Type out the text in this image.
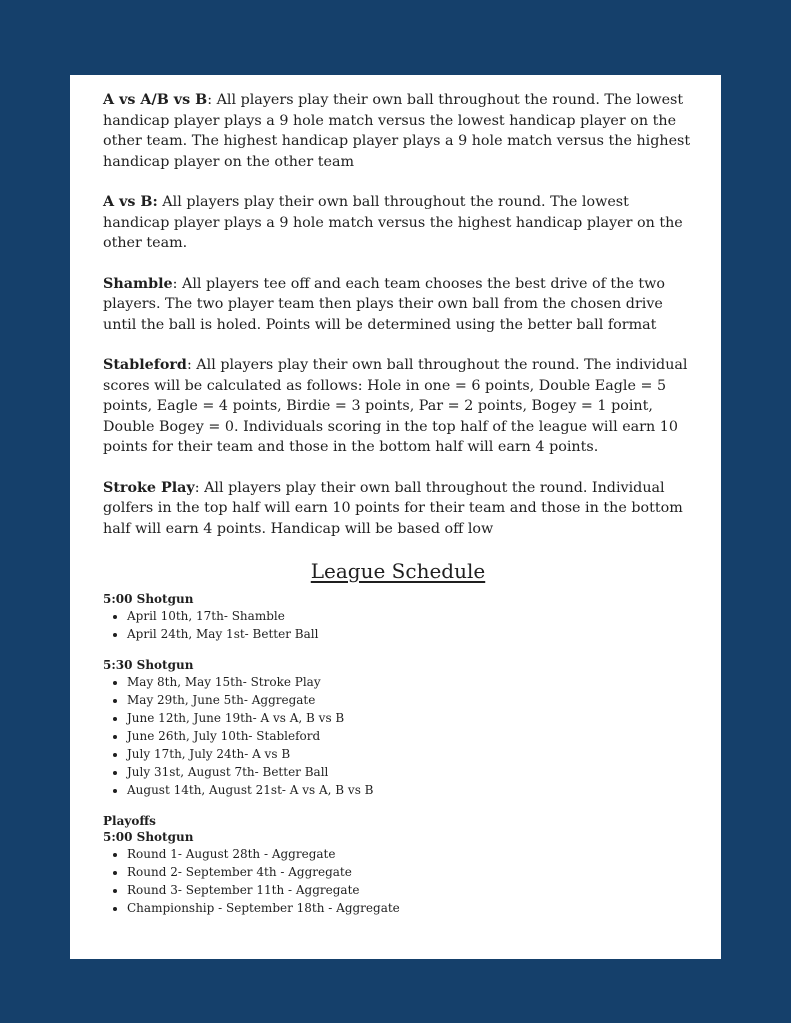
A vs A/B vs B: All players play their own ball throughout the round. The lowest handicap player plays a 9 hole match versus the lowest handicap player on the other team. The highest handicap player plays a 9 hole match versus the highest handicap player on the other team

A vs B: All players play their own ball throughout the round. The lowest handicap player plays a 9 hole match versus the highest handicap player on the other team.

Shamble: All players tee off and each team chooses the best drive of the two players. The two player team then plays their own ball from the chosen drive until the ball is holed. Points will be determined using the better ball format

Stableford: All players play their own ball throughout the round. The individual scores will be calculated as follows: Hole in one = 6 points, Double Eagle = 5 points, Eagle = 4 points, Birdie = 3 points, Par = 2 points, Bogey = 1 point, Double Bogey = 0. Individuals scoring in the top half of the league will earn 10 points for their team and those in the bottom half will earn 4 points.

Stroke Play: All players play their own ball throughout the round. Individual golfers in the top half will earn 10 points for their team and those in the bottom half will earn 4 points. Handicap will be based off low

League Schedule

5:00 Shotgun

• April 10th, 17th- Shamble
• April 24th, May 1st- Better Ball

5:30 Shotgun

• May 8th, May 15th- Stroke Play
• May 29th, June 5th- Aggregate
• June 12th, June 19th- A vs A, B vs B
• June 26th, July 10th- Stableford
• July 17th, July 24th- A vs B
• July 31st, August 7th- Better Ball
• August 14th, August 21st- A vs A, B vs B

Playoffs

5:00 Shotgun

• Round 1- August 28th - Aggregate
• Round 2- September 4th - Aggregate
• Round 3- September 11th - Aggregate
• Championship - September 18th - Aggregate
